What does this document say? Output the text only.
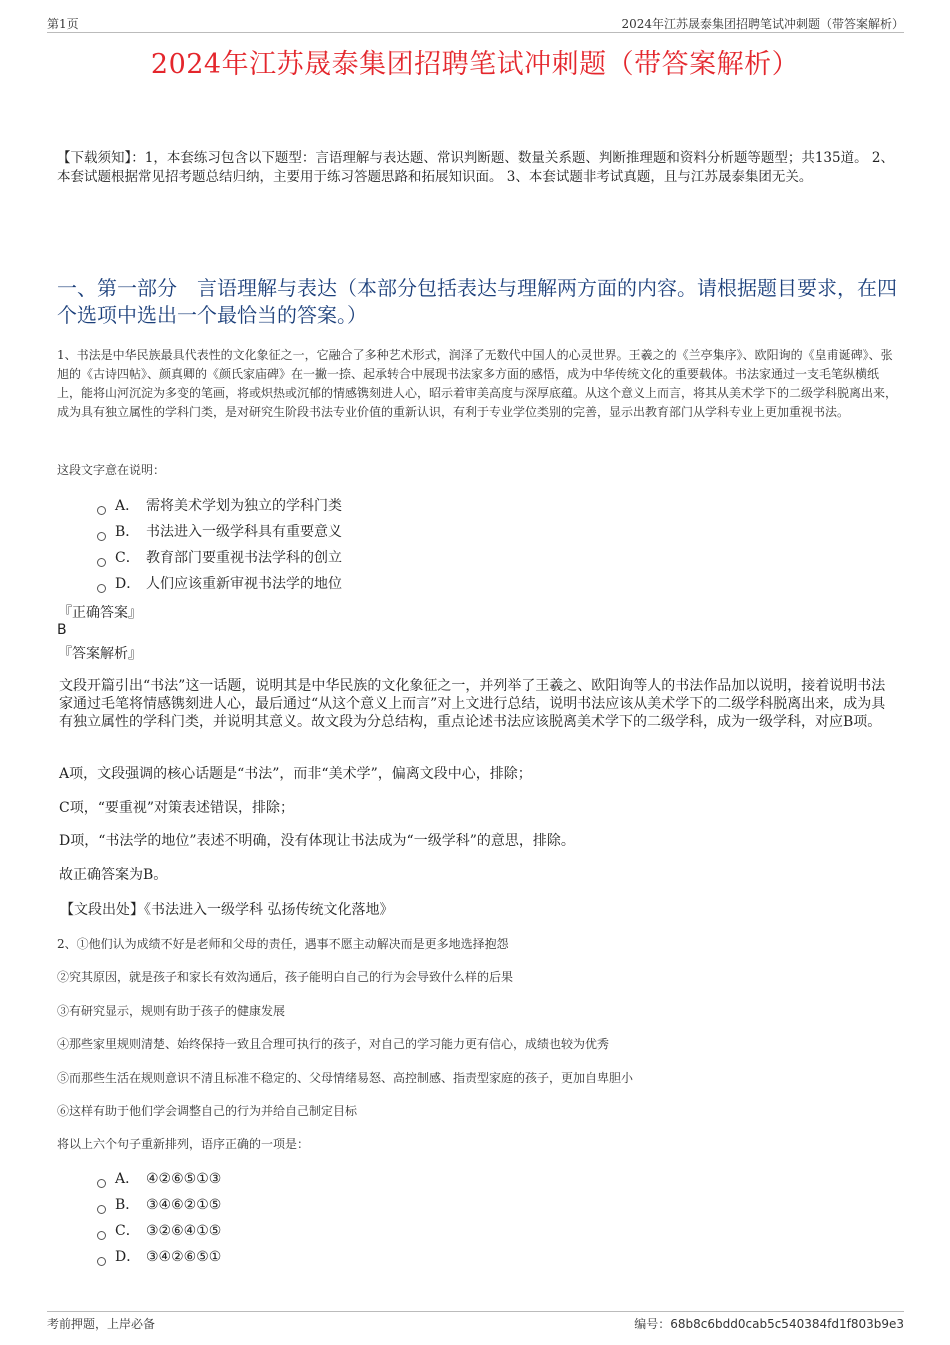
第1页	2024年江苏晟泰集团招聘笔试冲刺题（带答案解析）
2024年江苏晟泰集团招聘笔试冲刺题（带答案解析）
【下载须知】：1，本套练习包含以下题型：言语理解与表达题、常识判断题、数量关系题、判断推理题和资料分析题等题型；共135道。 2、本套试题根据常见招考题总结归纳，主要用于练习答题思路和拓展知识面。 3、本套试题非考试真题，且与江苏晟泰集团无关。
一、第一部分　言语理解与表达（本部分包括表达与理解两方面的内容。请根据题目要求，在四个选项中选出一个最恰当的答案。）
1、书法是中华民族最具代表性的文化象征之一，它融合了多种艺术形式，润泽了无数代中国人的心灵世界。王羲之的《兰亭集序》、欧阳询的《皇甫诞碑》、张旭的《古诗四帖》、颜真卿的《颜氏家庙碑》在一撇一捺、起承转合中展现书法家多方面的感悟，成为中华传统文化的重要载体。书法家通过一支毛笔纵横纸上，能将山河沉淀为多变的笔画，将或炽热或沉郁的情感镌刻进人心，昭示着审美高度与深厚底蕴。从这个意义上而言，将其从美术学下的二级学科脱离出来，成为具有独立属性的学科门类，是对研究生阶段书法专业价值的重新认识，有利于专业学位类别的完善，显示出教育部门从学科专业上更加重视书法。
这段文字意在说明：
A． 需将美术学划为独立的学科门类
B． 书法进入一级学科具有重要意义
C． 教育部门要重视书法学科的创立
D． 人们应该重新审视书法学的地位
『正确答案』
B
『答案解析』
文段开篇引出“书法”这一话题，说明其是中华民族的文化象征之一，并列举了王羲之、欧阳询等人的书法作品加以说明，接着说明书法家通过毛笔将情感镌刻进人心，最后通过“从这个意义上而言”对上文进行总结，说明书法应该从美术学下的二级学科脱离出来，成为具有独立属性的学科门类，并说明其意义。故文段为分总结构，重点论述书法应该脱离美术学下的二级学科，成为一级学科，对应B项。
A项，文段强调的核心话题是“书法”，而非“美术学”，偏离文段中心，排除；
C项，“要重视”对策表述错误，排除；
D项，“书法学的地位”表述不明确，没有体现让书法成为“一级学科”的意思，排除。
故正确答案为B。
【文段出处】《书法进入一级学科 弘扬传统文化落地》
2、①他们认为成绩不好是老师和父母的责任，遇事不愿主动解决而是更多地选择抱怨
②究其原因，就是孩子和家长有效沟通后，孩子能明白自己的行为会导致什么样的后果
③有研究显示，规则有助于孩子的健康发展
④那些家里规则清楚、始终保持一致且合理可执行的孩子，对自己的学习能力更有信心，成绩也较为优秀
⑤而那些生活在规则意识不清且标准不稳定的、父母情绪易怒、高控制感、指责型家庭的孩子，更加自卑胆小
⑥这样有助于他们学会调整自己的行为并给自己制定目标
将以上六个句子重新排列，语序正确的一项是：
A． ④②⑥⑤①③
B． ③④⑥②①⑤
C． ③②⑥④①⑤
D． ③④②⑥⑤①
考前押题，上岸必备	编号：68b8c6bdd0cab5c540384fd1f803b9e3
